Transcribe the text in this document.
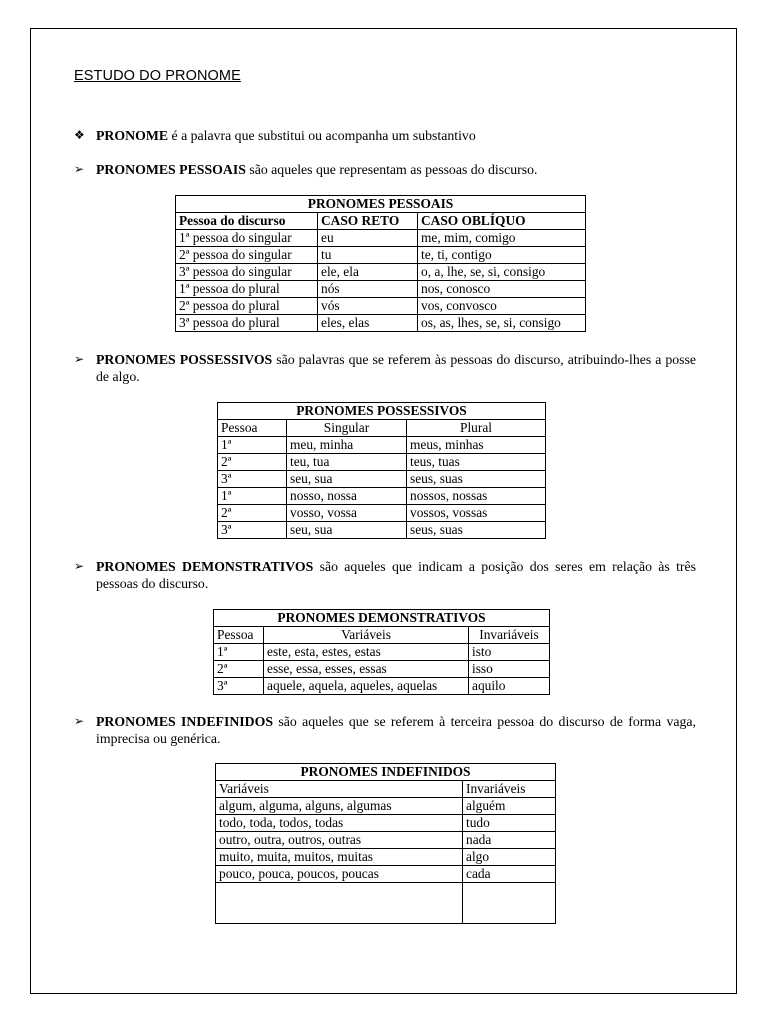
ESTUDO DO PRONOME
❖ PRONOME é a palavra que substitui ou acompanha um substantivo
➢ PRONOMES PESSOAIS são aqueles que representam as pessoas do discurso.
PRONOMES PESSOAIS		
Pessoa do discurso	CASO RETO	CASO OBLÍQUO
1ª pessoa do singular	eu	me, mim, comigo
2ª pessoa do singular	tu	te, ti, contigo
3ª pessoa do singular	ele, ela	o, a, lhe, se, si, consigo
1ª pessoa do plural	nós	nos, conosco
2ª pessoa do plural	vós	vos, convosco
3ª pessoa do plural	eles, elas	os, as, lhes, se, si, consigo
➢ PRONOMES POSSESSIVOS são palavras que se referem às pessoas do discurso, atribuindo-lhes a posse de algo.
PRONOMES POSSESSIVOS		
Pessoa	Singular	Plural
1ª	meu, minha	meus, minhas
2ª	teu, tua	teus, tuas
3ª	seu, sua	seus, suas
1ª	nosso, nossa	nossos, nossas
2ª	vosso, vossa	vossos, vossas
3ª	seu, sua	seus, suas
➢ PRONOMES DEMONSTRATIVOS são aqueles que indicam a posição dos seres em relação às três pessoas do discurso.
PRONOMES DEMONSTRATIVOS		
Pessoa	Variáveis	Invariáveis
1ª	este, esta, estes, estas	isto
2ª	esse, essa, esses, essas	isso
3ª	aquele, aquela, aqueles, aquelas	aquilo
➢ PRONOMES INDEFINIDOS são aqueles que se referem à terceira pessoa do discurso de forma vaga, imprecisa ou genérica.
PRONOMES INDEFINIDOS	
Variáveis	Invariáveis
algum, alguma, alguns, algumas	alguém
todo, toda, todos, todas	tudo
outro, outra, outros, outras	nada
muito, muita, muitos, muitas	algo
pouco, pouca, poucos, poucas	cada
